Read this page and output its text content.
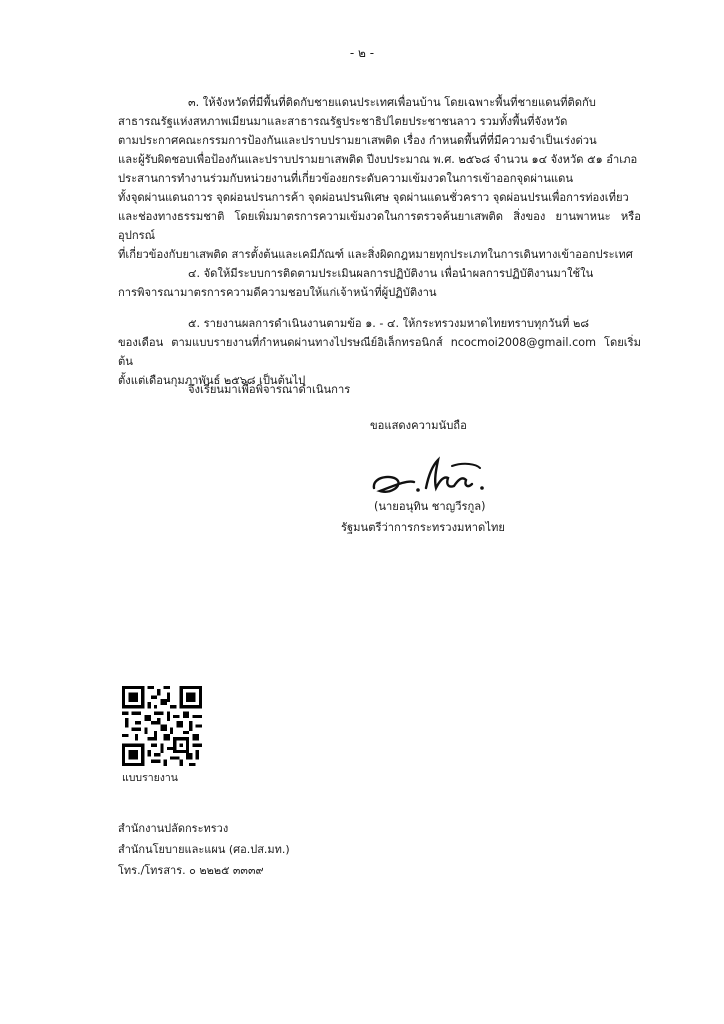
- ๒ -
๓. ให้จังหวัดที่มีพื้นที่ติดกับชายแดนประเทศเพื่อนบ้าน โดยเฉพาะพื้นที่ชายแดนที่ติดกับ
สาธารณรัฐแห่งสหภาพเมียนมาและสาธารณรัฐประชาธิปไตยประชาชนลาว รวมทั้งพื้นที่จังหวัด
ตามประกาศคณะกรรมการป้องกันและปราบปรามยาเสพติด เรื่อง กำหนดพื้นที่ที่มีความจำเป็นเร่งด่วน
และผู้รับผิดชอบเพื่อป้องกันและปราบปรามยาเสพติด ปีงบประมาณ พ.ศ. ๒๕๖๘ จำนวน ๑๔ จังหวัด ๕๑ อำเภอ
ประสานการทำงานร่วมกับหน่วยงานที่เกี่ยวข้องยกระดับความเข้มงวดในการเข้าออกจุดผ่านแดน
ทั้งจุดผ่านแดนถาวร จุดผ่อนปรนการค้า จุดผ่อนปรนพิเศษ จุดผ่านแดนชั่วคราว จุดผ่อนปรนเพื่อการท่องเที่ยว
และช่องทางธรรมชาติ โดยเพิ่มมาตรการความเข้มงวดในการตรวจค้นยาเสพติด สิ่งของ ยานพาหนะ หรืออุปกรณ์
ที่เกี่ยวข้องกับยาเสพติด สารตั้งต้นและเคมีภัณฑ์ และสิ่งผิดกฎหมายทุกประเภทในการเดินทางเข้าออกประเทศ
๔. จัดให้มีระบบการติดตามประเมินผลการปฏิบัติงาน เพื่อนำผลการปฏิบัติงานมาใช้ใน
การพิจารณามาตรการความดีความชอบให้แก่เจ้าหน้าที่ผู้ปฏิบัติงาน
๕. รายงานผลการดำเนินงานตามข้อ ๑. - ๔. ให้กระทรวงมหาดไทยทราบทุกวันที่ ๒๘
ของเดือน ตามแบบรายงานที่กำหนดผ่านทางไปรษณีย์อิเล็กทรอนิกส์ ncocmoi2008@gmail.com โดยเริ่มต้น
ตั้งแต่เดือนกุมภาพันธ์ ๒๕๖๘ เป็นต้นไป
จึงเรียนมาเพื่อพิจารณาดำเนินการ
ขอแสดงความนับถือ
(นายอนุทิน ชาญวีรกูล)
รัฐมนตรีว่าการกระทรวงมหาดไทย
แบบรายงาน
สำนักงานปลัดกระทรวง
สำนักนโยบายและแผน (ศอ.ปส.มท.)
โทร./โทรสาร. ๐ ๒๒๒๕ ๓๓๓๙
